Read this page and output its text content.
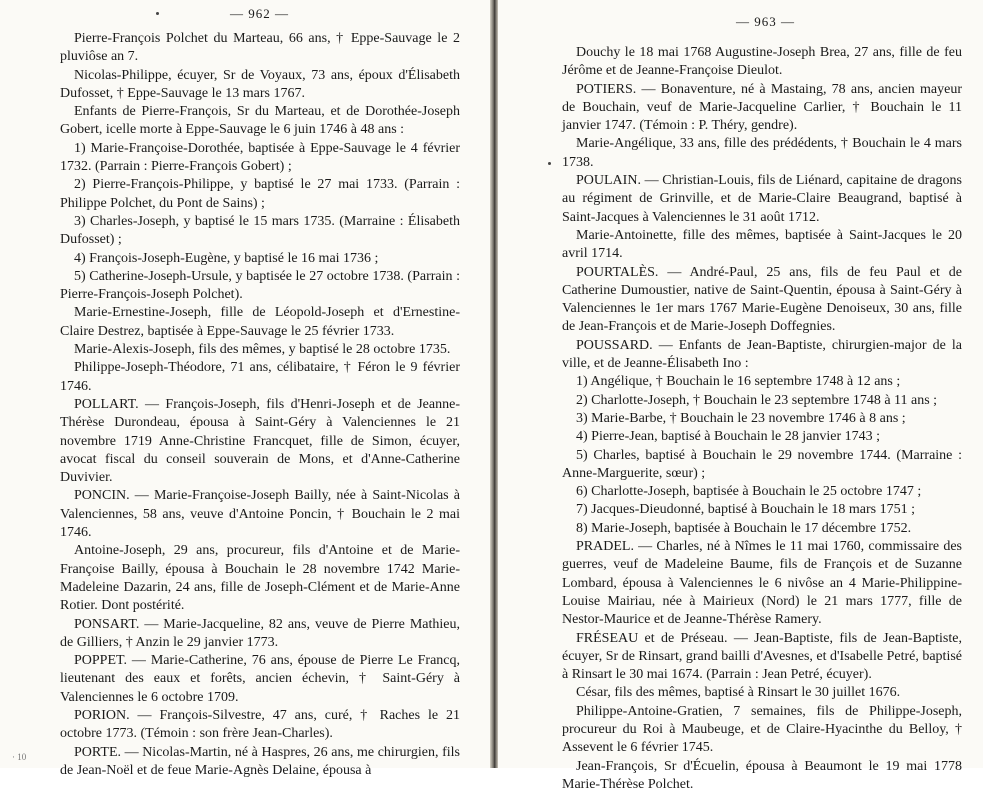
— 962 —

Pierre-François Polchet du Marteau, 66 ans, † Eppe-Sauvage le 2 pluviôse an 7.

Nicolas-Philippe, écuyer, Sr de Voyaux, 73 ans, époux d'Élisabeth Dufosset, † Eppe-Sauvage le 13 mars 1767.

Enfants de Pierre-François, Sr du Marteau, et de Dorothée-Joseph Gobert, icelle morte à Eppe-Sauvage le 6 juin 1746 à 48 ans :

1) Marie-Françoise-Dorothée, baptisée à Eppe-Sauvage le 4 février 1732. (Parrain : Pierre-François Gobert) ;

2) Pierre-François-Philippe, y baptisé le 27 mai 1733. (Parrain : Philippe Polchet, du Pont de Sains) ;

3) Charles-Joseph, y baptisé le 15 mars 1735. (Marraine : Élisabeth Dufosset) ;

4) François-Joseph-Eugène, y baptisé le 16 mai 1736 ;

5) Catherine-Joseph-Ursule, y baptisée le 27 octobre 1738. (Parrain : Pierre-François-Joseph Polchet).

Marie-Ernestine-Joseph, fille de Léopold-Joseph et d'Ernestine-Claire Destrez, baptisée à Eppe-Sauvage le 25 février 1733.

Marie-Alexis-Joseph, fils des mêmes, y baptisé le 28 octobre 1735.

Philippe-Joseph-Théodore, 71 ans, célibataire, † Féron le 9 février 1746.

POLLART. — François-Joseph, fils d'Henri-Joseph et de Jeanne-Thérèse Durondeau, épousa à Saint-Géry à Valenciennes le 21 novembre 1719 Anne-Christine Francquet, fille de Simon, écuyer, avocat fiscal du conseil souverain de Mons, et d'Anne-Catherine Duvivier.

PONCIN. — Marie-Françoise-Joseph Bailly, née à Saint-Nicolas à Valenciennes, 58 ans, veuve d'Antoine Poncin, † Bouchain le 2 mai 1746.

Antoine-Joseph, 29 ans, procureur, fils d'Antoine et de Marie-Françoise Bailly, épousa à Bouchain le 28 novembre 1742 Marie-Madeleine Dazarin, 24 ans, fille de Joseph-Clément et de Marie-Anne Rotier. Dont postérité.

PONSART. — Marie-Jacqueline, 82 ans, veuve de Pierre Mathieu, de Gilliers, † Anzin le 29 janvier 1773.

POPPET. — Marie-Catherine, 76 ans, épouse de Pierre Le Francq, lieutenant des eaux et forêts, ancien échevin, † Saint-Géry à Valenciennes le 6 octobre 1709.

PORION. — François-Silvestre, 47 ans, curé, † Raches le 21 octobre 1773. (Témoin : son frère Jean-Charles).

PORTE. — Nicolas-Martin, né à Haspres, 26 ans, me chirurgien, fils de Jean-Noël et de feue Marie-Agnès Delaine, épousa à

· 10
— 963 —

Douchy le 18 mai 1768 Augustine-Joseph Brea, 27 ans, fille de feu Jérôme et de Jeanne-Françoise Dieulot.

POTIERS. — Bonaventure, né à Mastaing, 78 ans, ancien mayeur de Bouchain, veuf de Marie-Jacqueline Carlier, † Bouchain le 11 janvier 1747. (Témoin : P. Théry, gendre).

Marie-Angélique, 33 ans, fille des prédédents, † Bouchain le 4 mars 1738.

POULAIN. — Christian-Louis, fils de Liénard, capitaine de dragons au régiment de Grinville, et de Marie-Claire Beaugrand, baptisé à Saint-Jacques à Valenciennes le 31 août 1712.

Marie-Antoinette, fille des mêmes, baptisée à Saint-Jacques le 20 avril 1714.

POURTALÈS. — André-Paul, 25 ans, fils de feu Paul et de Catherine Dumoustier, native de Saint-Quentin, épousa à Saint-Géry à Valenciennes le 1er mars 1767 Marie-Eugène Denoiseux, 30 ans, fille de Jean-François et de Marie-Joseph Doffegnies.

POUSSARD. — Enfants de Jean-Baptiste, chirurgien-major de la ville, et de Jeanne-Élisabeth Ino :

1) Angélique, † Bouchain le 16 septembre 1748 à 12 ans ;

2) Charlotte-Joseph, † Bouchain le 23 septembre 1748 à 11 ans ;

3) Marie-Barbe, † Bouchain le 23 novembre 1746 à 8 ans ;

4) Pierre-Jean, baptisé à Bouchain le 28 janvier 1743 ;

5) Charles, baptisé à Bouchain le 29 novembre 1744. (Marraine : Anne-Marguerite, sœur) ;

6) Charlotte-Joseph, baptisée à Bouchain le 25 octobre 1747 ;

7) Jacques-Dieudonné, baptisé à Bouchain le 18 mars 1751 ;

8) Marie-Joseph, baptisée à Bouchain le 17 décembre 1752.

PRADEL. — Charles, né à Nîmes le 11 mai 1760, commissaire des guerres, veuf de Madeleine Baume, fils de François et de Suzanne Lombard, épousa à Valenciennes le 6 nivôse an 4 Marie-Philippine-Louise Mairiau, née à Mairieux (Nord) le 21 mars 1777, fille de Nestor-Maurice et de Jeanne-Thérèse Ramery.

FRÉSEAU et de Préseau. — Jean-Baptiste, fils de Jean-Baptiste, écuyer, Sr de Rinsart, grand bailli d'Avesnes, et d'Isabelle Petré, baptisé à Rinsart le 30 mai 1674. (Parrain : Jean Petré, écuyer).

César, fils des mêmes, baptisé à Rinsart le 30 juillet 1676.

Philippe-Antoine-Gratien, 7 semaines, fils de Philippe-Joseph, procureur du Roi à Maubeuge, et de Claire-Hyacinthe du Belloy, † Assevent le 6 février 1745.

Jean-François, Sr d'Écuelin, épousa à Beaumont le 19 mai 1778 Marie-Thérèse Polchet.
